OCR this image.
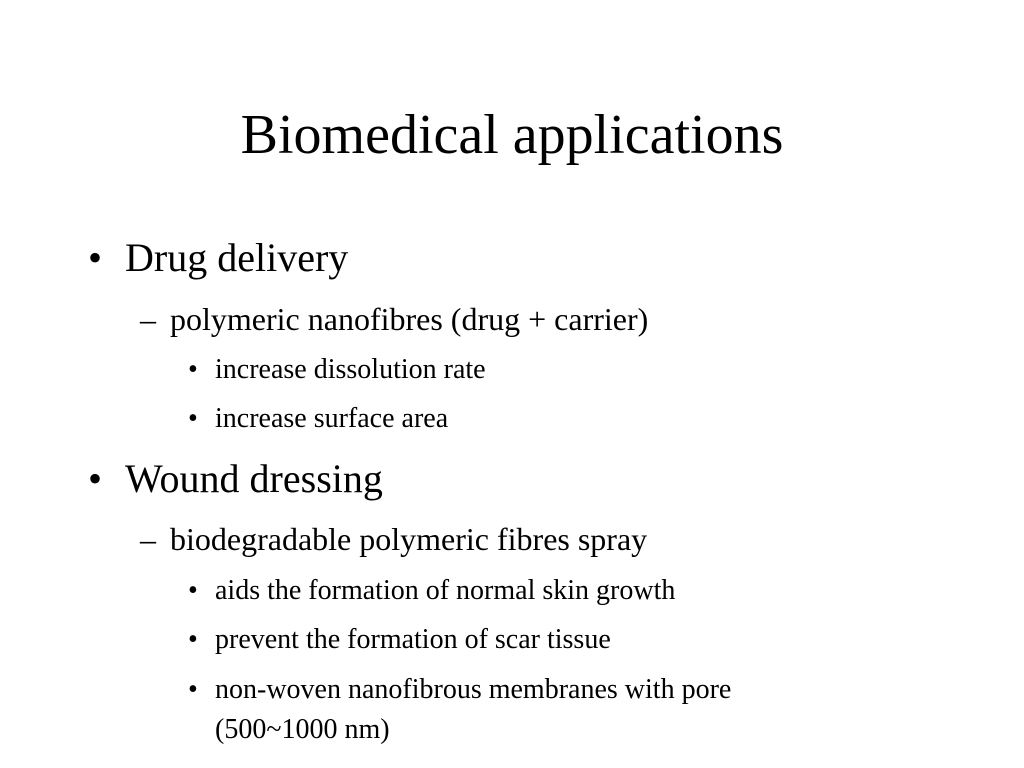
Biomedical applications
• Drug delivery
– polymeric nanofibres (drug + carrier)
• increase dissolution rate
• increase surface area
• Wound dressing
– biodegradable polymeric fibres spray
• aids the formation of normal skin growth
• prevent the formation of scar tissue
• non-woven nanofibrous membranes with pore
(500~1000 nm)
